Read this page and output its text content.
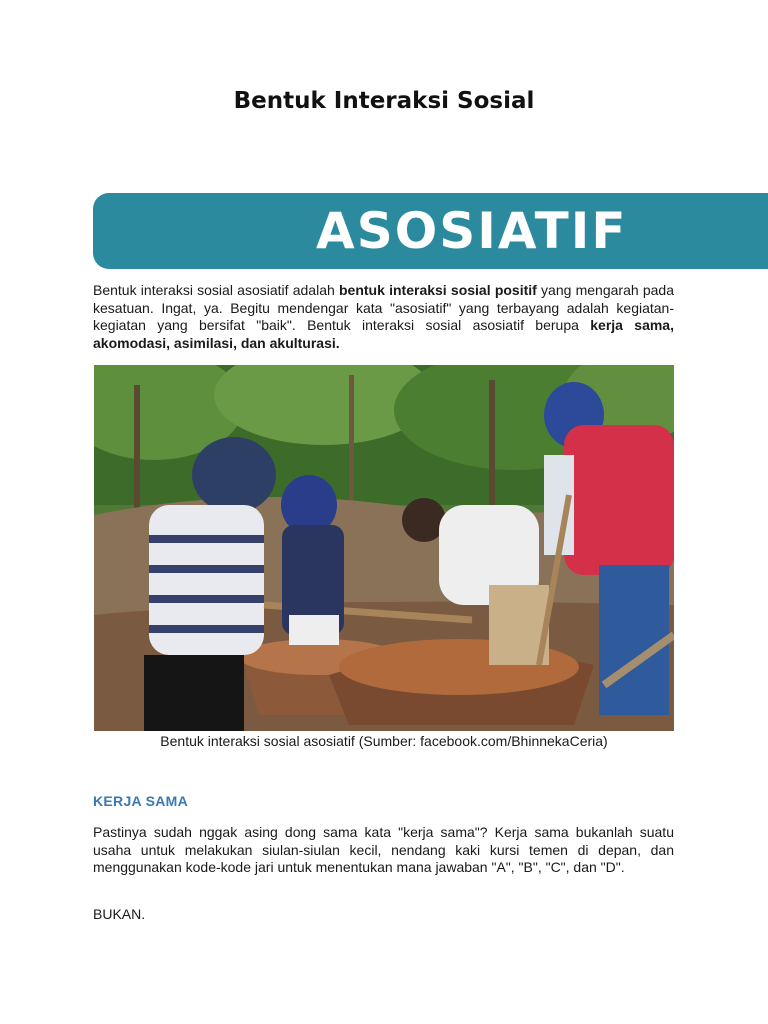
Bentuk Interaksi Sosial
ASOSIATIF

Bentuk interaksi sosial asosiatif adalah bentuk interaksi sosial positif yang mengarah pada kesatuan. Ingat, ya. Begitu mendengar kata "asosiatif" yang terbayang adalah kegiatan-kegiatan yang bersifat "baik". Bentuk interaksi sosial asosiatif berupa kerja sama, akomodasi, asimilasi, dan akulturasi.

Bentuk interaksi sosial asosiatif (Sumber: facebook.com/BhinnekaCeria)
KERJA SAMA

Pastinya sudah nggak asing dong sama kata "kerja sama"? Kerja sama bukanlah suatu usaha untuk melakukan siulan-siulan kecil, nendang kaki kursi temen di depan, dan menggunakan kode-kode jari untuk menentukan mana jawaban "A", "B", "C", dan "D".

BUKAN.
